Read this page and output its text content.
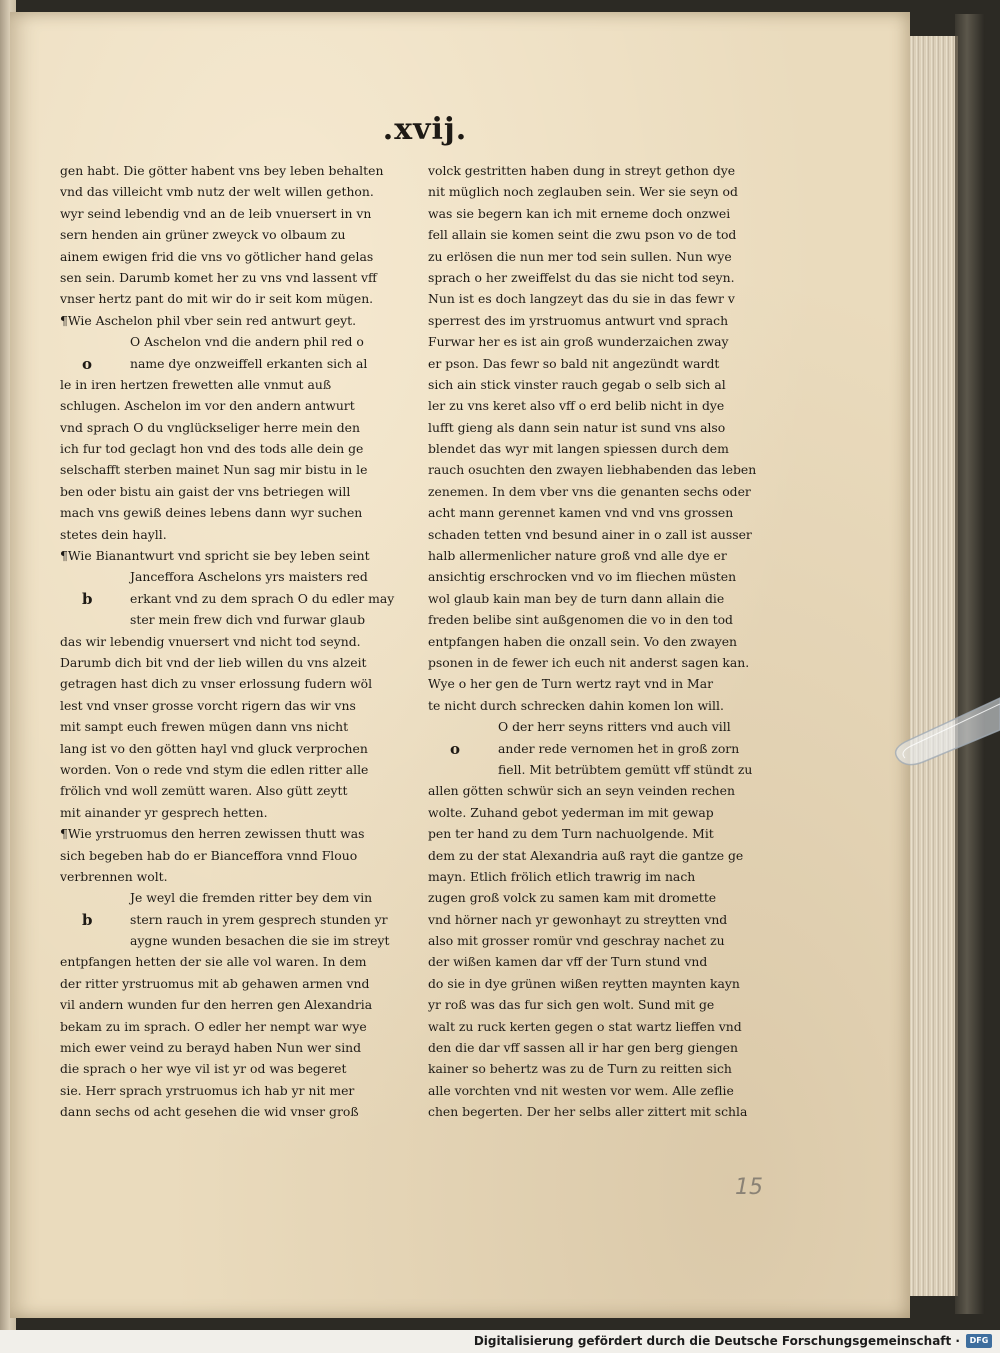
.xvij.
gen habt. Die götter habent vns bey leben behalten
vnd das villeicht vmb nutz der welt willen gethon.
wyr seind lebendig vnd an de leib vnuersert in vn
sern henden ain grüner zweyck vo olbaum zu
ainem ewigen frid die vns vo götlicher hand gelas
sen sein. Darumb komet her zu vns vnd lassent vff
vnser hertz pant do mit wir do ir seit kom mügen.
¶Wie Aschelon phil vber sein red antwurt geyt.
O Aschelon vnd die andern phil red o
name dye onzweiffell erkanten sich al
o
le in iren hertzen frewetten alle vnmut auß
schlugen. Aschelon im vor den andern antwurt
vnd sprach O du vnglückseliger herre mein den
ich fur tod geclagt hon vnd des tods alle dein ge
selschafft sterben mainet Nun sag mir bistu in le
ben oder bistu ain gaist der vns betriegen will
mach vns gewiß deines lebens dann wyr suchen
stetes dein hayll.
¶Wie Bianantwurt vnd spricht sie bey leben seint
Janceffora Aschelons yrs maisters red
erkant vnd zu dem sprach O du edler may
b
ster mein frew dich vnd furwar glaub
das wir lebendig vnuersert vnd nicht tod seynd.
Darumb dich bit vnd der lieb willen du vns alzeit
getragen hast dich zu vnser erlossung fudern wöl
lest vnd vnser grosse vorcht rigern das wir vns
mit sampt euch frewen mügen dann vns nicht
lang ist vo den götten hayl vnd gluck verprochen
worden. Von o rede vnd stym die edlen ritter alle
frölich vnd woll zemütt waren. Also gütt zeytt
mit ainander yr gesprech hetten.
¶Wie yrstruomus den herren zewissen thutt was
sich begeben hab do er Bianceffora vnnd Flouo
verbrennen wolt.
Je weyl die fremden ritter bey dem vin
stern rauch in yrem gesprech stunden yr
b
aygne wunden besachen die sie im streyt
entpfangen hetten der sie alle vol waren. In dem
der ritter yrstruomus mit ab gehawen armen vnd
vil andern wunden fur den herren gen Alexandria
bekam zu im sprach. O edler her nempt war wye
mich ewer veind zu berayd haben Nun wer sind
die sprach o her wye vil ist yr od was begeret
sie. Herr sprach yrstruomus ich hab yr nit mer
dann sechs od acht gesehen die wid vnser groß
volck gestritten haben dung in streyt gethon dye
nit müglich noch zeglauben sein. Wer sie seyn od
was sie begern kan ich mit erneme doch onzwei
fell allain sie komen seint die zwu pson vo de tod
zu erlösen die nun mer tod sein sullen. Nun wye
sprach o her zweiffelst du das sie nicht tod seyn.
Nun ist es doch langzeyt das du sie in das fewr v
sperrest des im yrstruomus antwurt vnd sprach
Furwar her es ist ain groß wunderzaichen zway
er pson. Das fewr so bald nit angezündt wardt
sich ain stick vinster rauch gegab o selb sich al
ler zu vns keret also vff o erd belib nicht in dye
lufft gieng als dann sein natur ist sund vns also
blendet das wyr mit langen spiessen durch dem
rauch osuchten den zwayen liebhabenden das leben
zenemen. In dem vber vns die genanten sechs oder
acht mann gerennet kamen vnd vnd vns grossen
schaden tetten vnd besund ainer in o zall ist ausser
halb allermenlicher nature groß vnd alle dye er
ansichtig erschrocken vnd vo im fliechen müsten
wol glaub kain man bey de turn dann allain die
freden belibe sint außgenomen die vo in den tod
entpfangen haben die onzall sein. Vo den zwayen
psonen in de fewer ich euch nit anderst sagen kan.
Wye o her gen de Turn wertz rayt vnd in Mar
te nicht durch schrecken dahin komen lon will.
O der herr seyns ritters vnd auch vill
ander rede vernomen het in groß zorn
o
fiell. Mit betrübtem gemütt vff stündt zu
allen götten schwür sich an seyn veinden rechen
wolte. Zuhand gebot yederman im mit gewap
pen ter hand zu dem Turn nachuolgende. Mit
dem zu der stat Alexandria auß rayt die gantze ge
mayn. Etlich frölich etlich trawrig im nach
zugen groß volck zu samen kam mit dromette
vnd hörner nach yr gewonhayt zu streytten vnd
also mit grosser romür vnd geschray nachet zu
der wißen kamen dar vff der Turn stund vnd
do sie in dye grünen wißen reytten maynten kayn
yr roß was das fur sich gen wolt. Sund mit ge
walt zu ruck kerten gegen o stat wartz lieffen vnd
den die dar vff sassen all ir har gen berg giengen
kainer so behertz was zu de Turn zu reitten sich
alle vorchten vnd nit westen vor wem. Alle zeflie
chen begerten. Der her selbs aller zittert mit schla
15
Digitalisierung gefördert durch die Deutsche Forschungsgemeinschaft ·	DFG
